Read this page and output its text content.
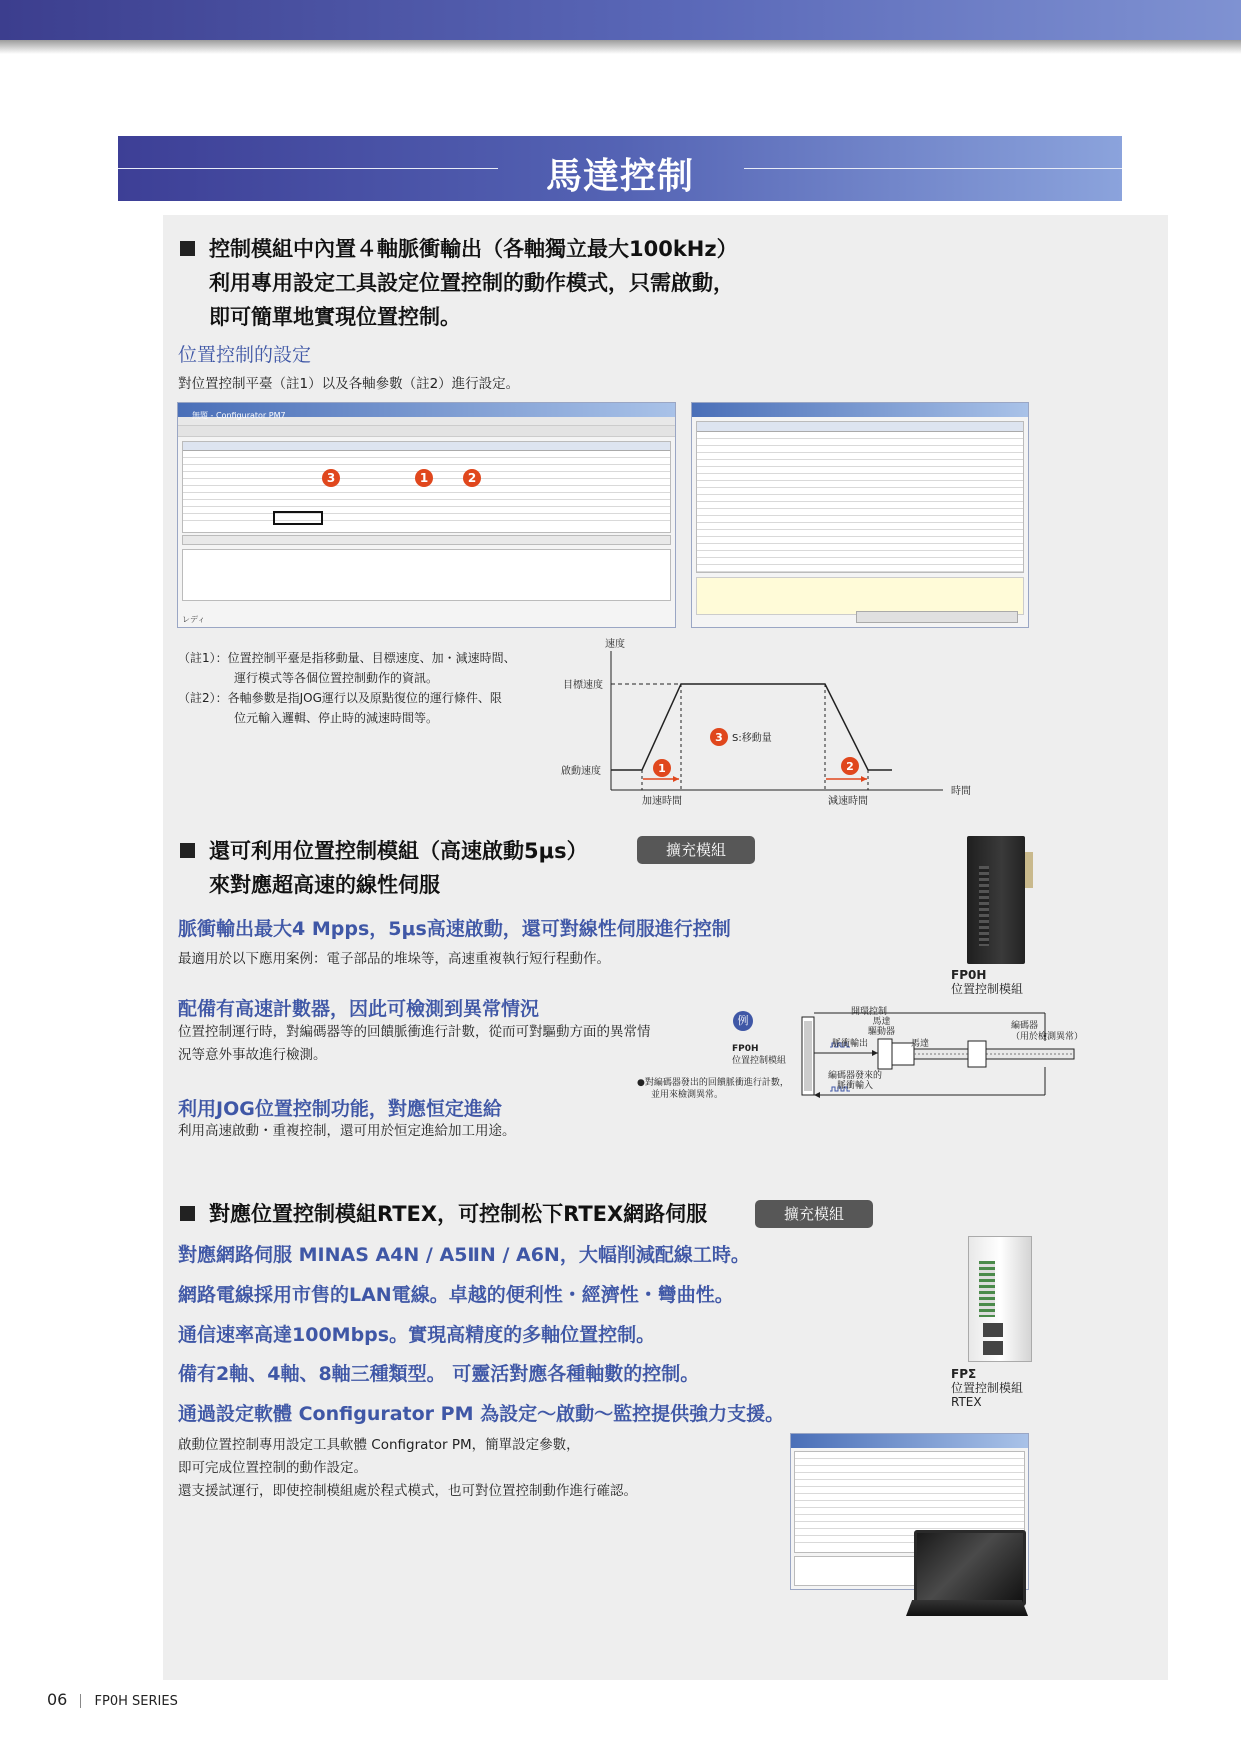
馬達控制
控制模組中內置４軸脈衝輸出（各軸獨立最大100kHz）
利用專用設定工具設定位置控制的動作模式，只需啟動，
即可簡單地實現位置控制。
位置控制的設定
對位置控制平臺（註1）以及各軸參數（註2）進行設定。
無題 - Configurator PM7
レディ
3	1	2
（註1）：位置控制平臺是指移動量、目標速度、加・減速時間、
運行模式等各個位置控制動作的資訊。
（註2）：各軸參數是指JOG運行以及原點復位的運行條件、限
位元輸入邏輯、停止時的減速時間等。
1	2
3 S:移動量
速度
目標速度
啟動速度
時間
加速時間	減速時間
還可利用位置控制模組（高速啟動5μs）
來對應超高速的線性伺服
擴充模組
脈衝輸出最大4 Mpps，5μs高速啟動，還可對線性伺服進行控制
最適用於以下應用案例：電子部品的堆垛等，高速重複執行短行程動作。
配備有高速計數器，因此可檢測到異常情況
位置控制運行時，對編碼器等的回饋脈衝進行計數，從而可對驅動方面的異常情
況等意外事故進行檢測。
利用JOG位置控制功能，對應恒定進給
利用高速啟動・重複控制，還可用於恒定進給加工用途。
FP0H
位置控制模組
例
FP0H
位置控制模組
●對編碼器發出的回饋脈衝進行計數，
並用來檢測異常。
開環控制
馬達
驅動器
脈衝輸出	馬達
編碼器
（用於檢測異常）
編碼器發來的
脈衝輸入
對應位置控制模組RTEX，可控制松下RTEX網路伺服	擴充模組
對應網路伺服 MINAS A4N / A5ⅡN / A6N，大幅削減配線工時。
網路電線採用市售的LAN電線。卓越的便利性・經濟性・彎曲性。
通信速率高達100Mbps。實現高精度的多軸位置控制。
備有2軸、4軸、8軸三種類型。 可靈活對應各種軸數的控制。
通過設定軟體 Configurator PM 為設定～啟動～監控提供強力支援。
啟動位置控制專用設定工具軟體 Configrator PM，簡單設定參數，
即可完成位置控制的動作設定。
還支援試運行，即使控制模組處於程式模式，也可對位置控制動作進行確認。
FPΣ
位置控制模組
RTEX
06 FP0H SERIES
